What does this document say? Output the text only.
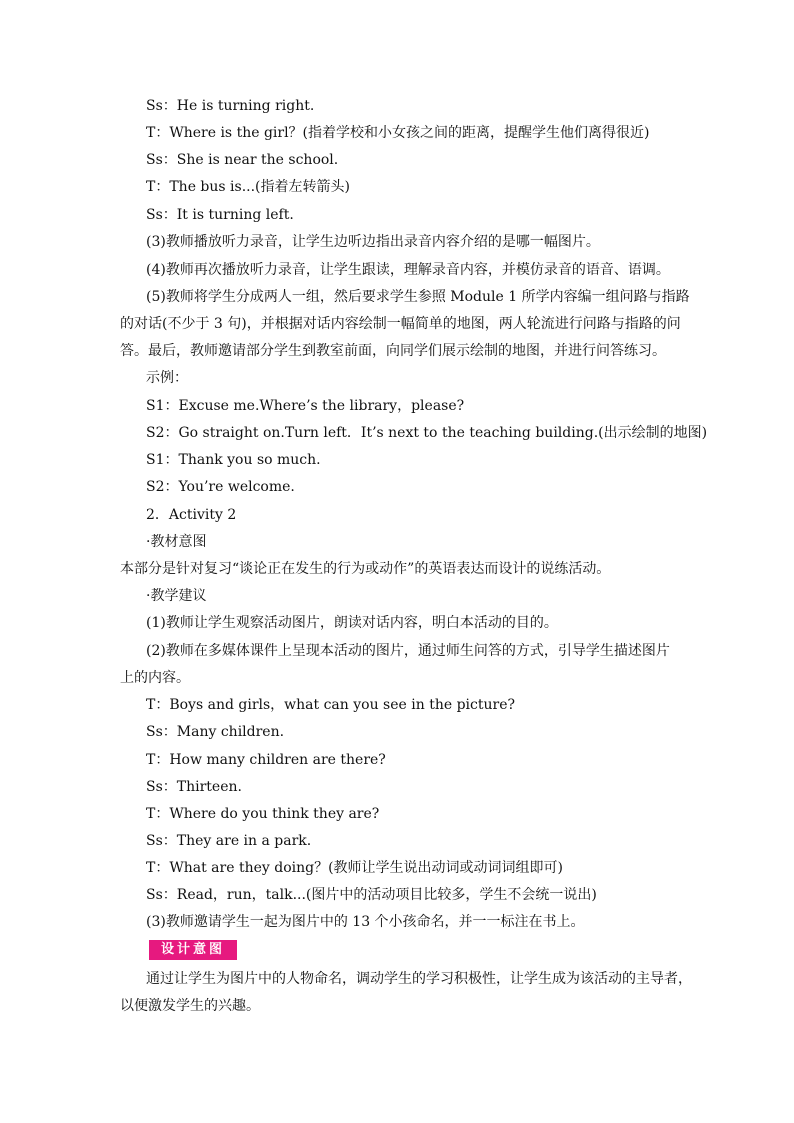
Ss：He is turning right.
T：Where is the girl？(指着学校和小女孩之间的距离，提醒学生他们离得很近)
Ss：She is near the school.
T：The bus is...(指着左转箭头)
Ss：It is turning left.
(3)教师播放听力录音，让学生边听边指出录音内容介绍的是哪一幅图片。
(4)教师再次播放听力录音，让学生跟读，理解录音内容，并模仿录音的语音、语调。
(5)教师将学生分成两人一组，然后要求学生参照 Module 1 所学内容编一组问路与指路
的对话(不少于 3 句)，并根据对话内容绘制一幅简单的地图，两人轮流进行问路与指路的问
答。最后，教师邀请部分学生到教室前面，向同学们展示绘制的地图，并进行问答练习。
示例：
S1：Excuse me.Where’s the library，please?
S2：Go straight on.Turn left．It’s next to the teaching building.(出示绘制的地图)
S1：Thank you so much.
S2：You’re welcome.
2．Activity 2
·教材意图
本部分是针对复习“谈论正在发生的行为或动作”的英语表达而设计的说练活动。
·教学建议
(1)教师让学生观察活动图片，朗读对话内容，明白本活动的目的。
(2)教师在多媒体课件上呈现本活动的图片，通过师生问答的方式，引导学生描述图片
上的内容。
T：Boys and girls，what can you see in the picture?
Ss：Many children.
T：How many children are there?
Ss：Thirteen.
T：Where do you think they are?
Ss：They are in a park.
T：What are they doing？(教师让学生说出动词或动词词组即可)
Ss：Read，run，talk...(图片中的活动项目比较多，学生不会统一说出)
(3)教师邀请学生一起为图片中的 13 个小孩命名，并一一标注在书上。
设计意图
通过让学生为图片中的人物命名，调动学生的学习积极性，让学生成为该活动的主导者，
以便激发学生的兴趣。
